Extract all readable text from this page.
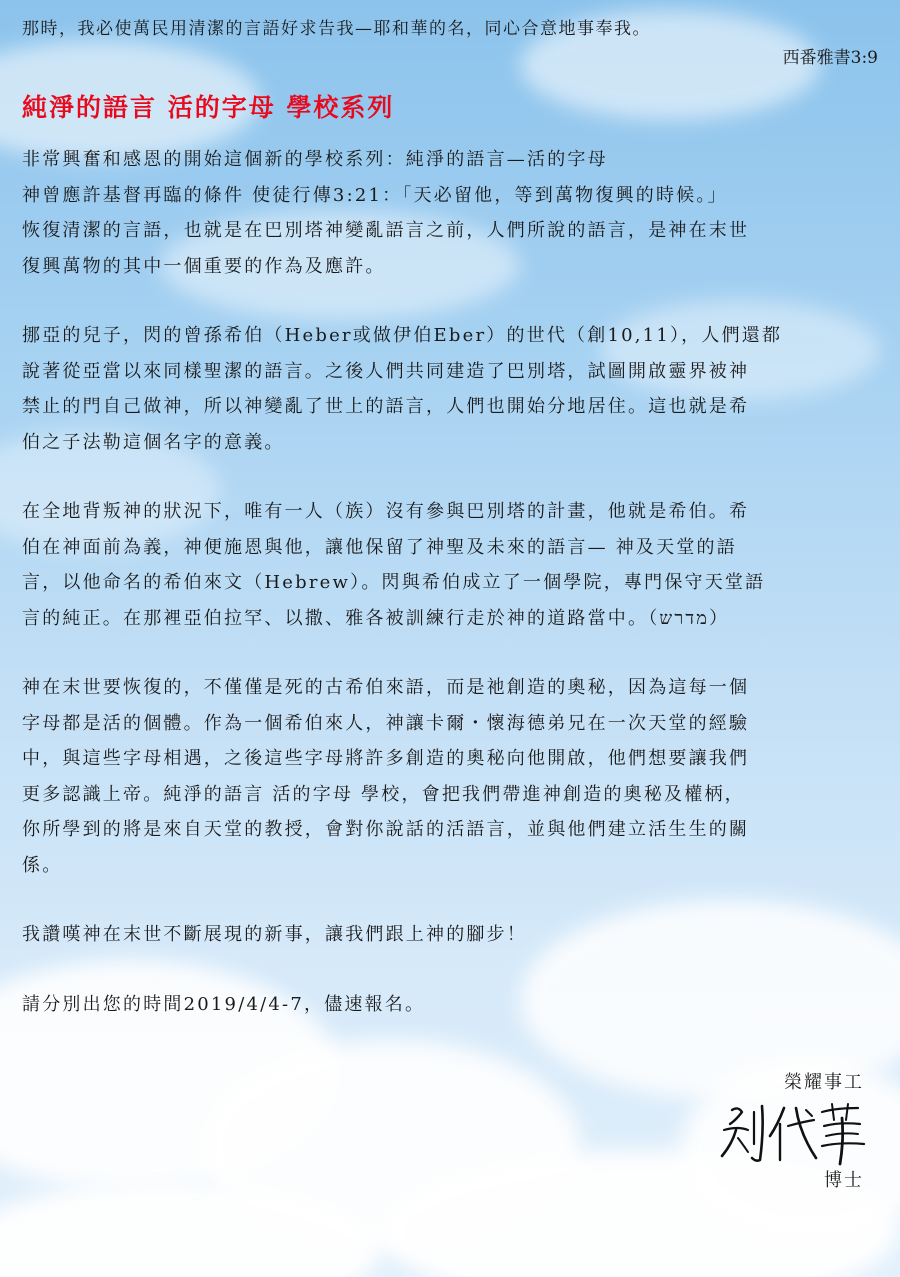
那時，我必使萬民用清潔的言語好求告我—耶和華的名，同心合意地事奉我。
西番雅書3:9
純淨的語言 活的字母 學校系列

非常興奮和感恩的開始這個新的學校系列：純淨的語言—活的字母
神曾應許基督再臨的條件 使徒行傳3:21：「天必留他，等到萬物復興的時候。」
恢復清潔的言語，也就是在巴別塔神變亂語言之前，人們所說的語言，是神在末世
復興萬物的其中一個重要的作為及應許。

挪亞的兒子，閃的曾孫希伯（Heber或做伊伯Eber）的世代（創10,11），人們還都
說著從亞當以來同樣聖潔的語言。之後人們共同建造了巴別塔，試圖開啟靈界被神
禁止的門自己做神，所以神變亂了世上的語言，人們也開始分地居住。這也就是希
伯之子法勒這個名字的意義。

在全地背叛神的狀況下，唯有一人（族）沒有參與巴別塔的計畫，他就是希伯。希
伯在神面前為義，神便施恩與他，讓他保留了神聖及未來的語言— 神及天堂的語
言，以他命名的希伯來文（Hebrew）。閃與希伯成立了一個學院，專門保守天堂語
言的純正。在那裡亞伯拉罕、以撒、雅各被訓練行走於神的道路當中。（מדרש）

神在末世要恢復的，不僅僅是死的古希伯來語，而是祂創造的奧秘，因為這每一個
字母都是活的個體。作為一個希伯來人，神讓卡爾・懷海德弟兄在一次天堂的經驗
中，與這些字母相遇，之後這些字母將許多創造的奧秘向他開啟，他們想要讓我們
更多認識上帝。純淨的語言 活的字母 學校，會把我們帶進神創造的奧秘及權柄，
你所學到的將是來自天堂的教授，會對你說話的活語言，並與他們建立活生生的關
係。

我讚嘆神在末世不斷展現的新事，讓我們跟上神的腳步！

請分別出您的時間2019/4/4-7，儘速報名。

榮耀事工
博士
